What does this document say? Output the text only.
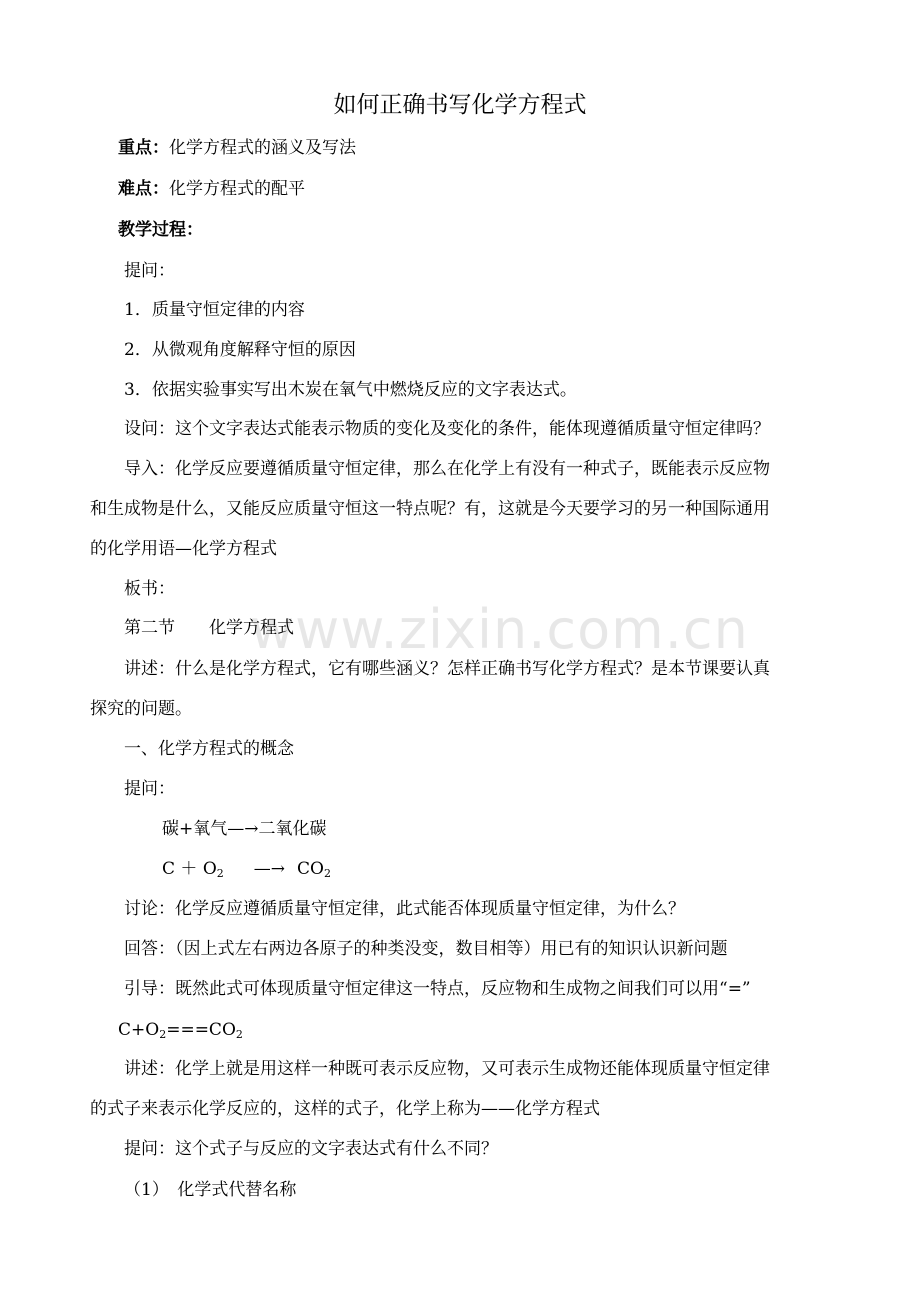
如何正确书写化学方程式
重点：化学方程式的涵义及写法
难点：化学方程式的配平
教学过程：
提问：
1．质量守恒定律的内容
2．从微观角度解释守恒的原因
3．依据实验事实写出木炭在氧气中燃烧反应的文字表达式。
设问：这个文字表达式能表示物质的变化及变化的条件，能体现遵循质量守恒定律吗？
导入：化学反应要遵循质量守恒定律，那么在化学上有没有一种式子，既能表示反应物
和生成物是什么，又能反应质量守恒这一特点呢？有，这就是今天要学习的另一种国际通用
的化学用语—化学方程式
板书：
第二节　　化学方程式
讲述：什么是化学方程式，它有哪些涵义？怎样正确书写化学方程式？是本节课要认真
探究的问题。
一、化学方程式的概念
提问：
碳+氧气—→二氧化碳
$C + O_2$ —→ $CO_2$
讨论：化学反应遵循质量守恒定律，此式能否体现质量守恒定律，为什么？
回答：（因上式左右两边各原子的种类没变，数目相等）用已有的知识认识新问题
引导：既然此式可体现质量守恒定律这一特点，反应物和生成物之间我们可以用“=”
$C+O_2===CO_2$
讲述：化学上就是用这样一种既可表示反应物，又可表示生成物还能体现质量守恒定律
的式子来表示化学反应的，这样的式子，化学上称为——化学方程式
提问：这个式子与反应的文字表达式有什么不同？
（1）　化学式代替名称
www.zixin.com.cn
